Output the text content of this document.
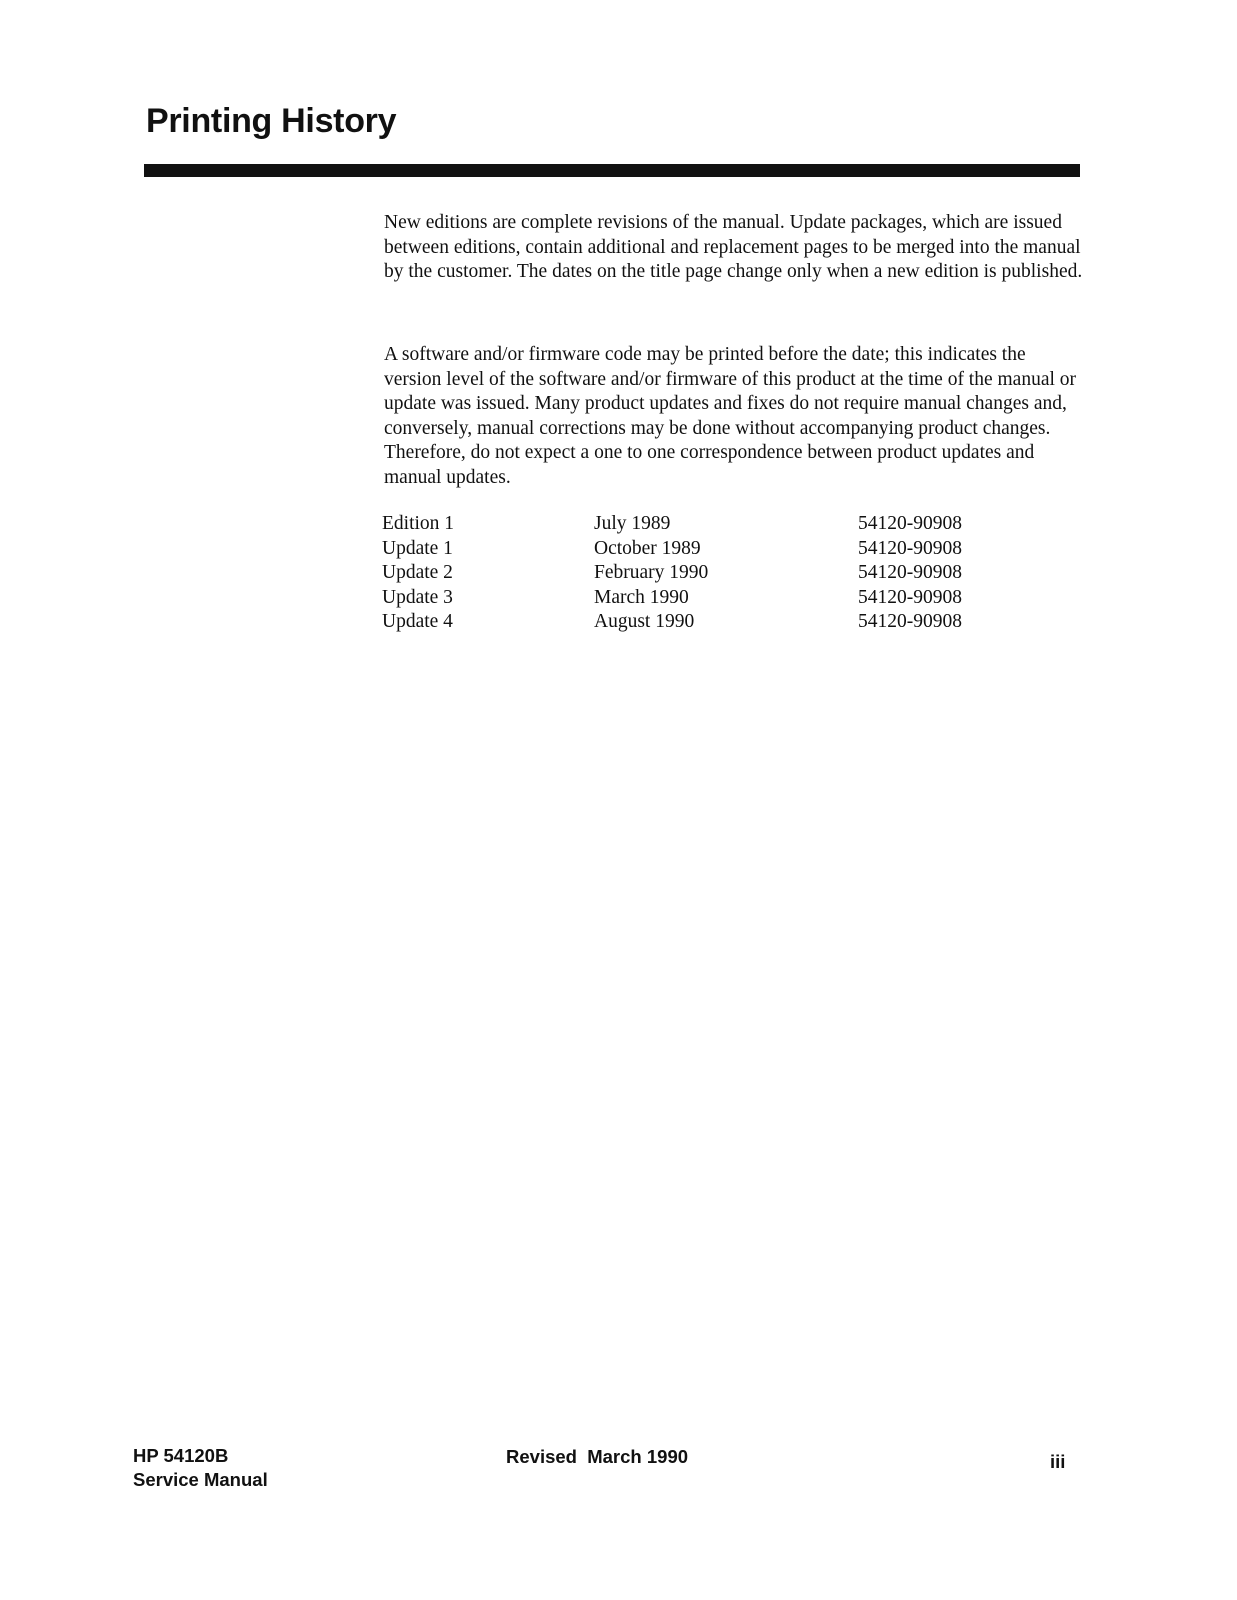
Printing History

New editions are complete revisions of the manual. Update packages, which are issued between editions, contain additional and replacement pages to be merged into the manual by the customer. The dates on the title page change only when a new edition is published.

A software and/or firmware code may be printed before the date; this indicates the version level of the software and/or firmware of this product at the time of the manual or update was issued. Many product updates and fixes do not require manual changes and, conversely, manual corrections may be done without accompanying product changes. Therefore, do not expect a one to one correspondence between product updates and manual updates.

Edition 1	July 1989	54120-90908
Update 1	October 1989	54120-90908
Update 2	February 1990	54120-90908
Update 3	March 1990	54120-90908
Update 4	August 1990	54120-90908
HP 54120B
Service Manual
Revised  March 1990	iii
